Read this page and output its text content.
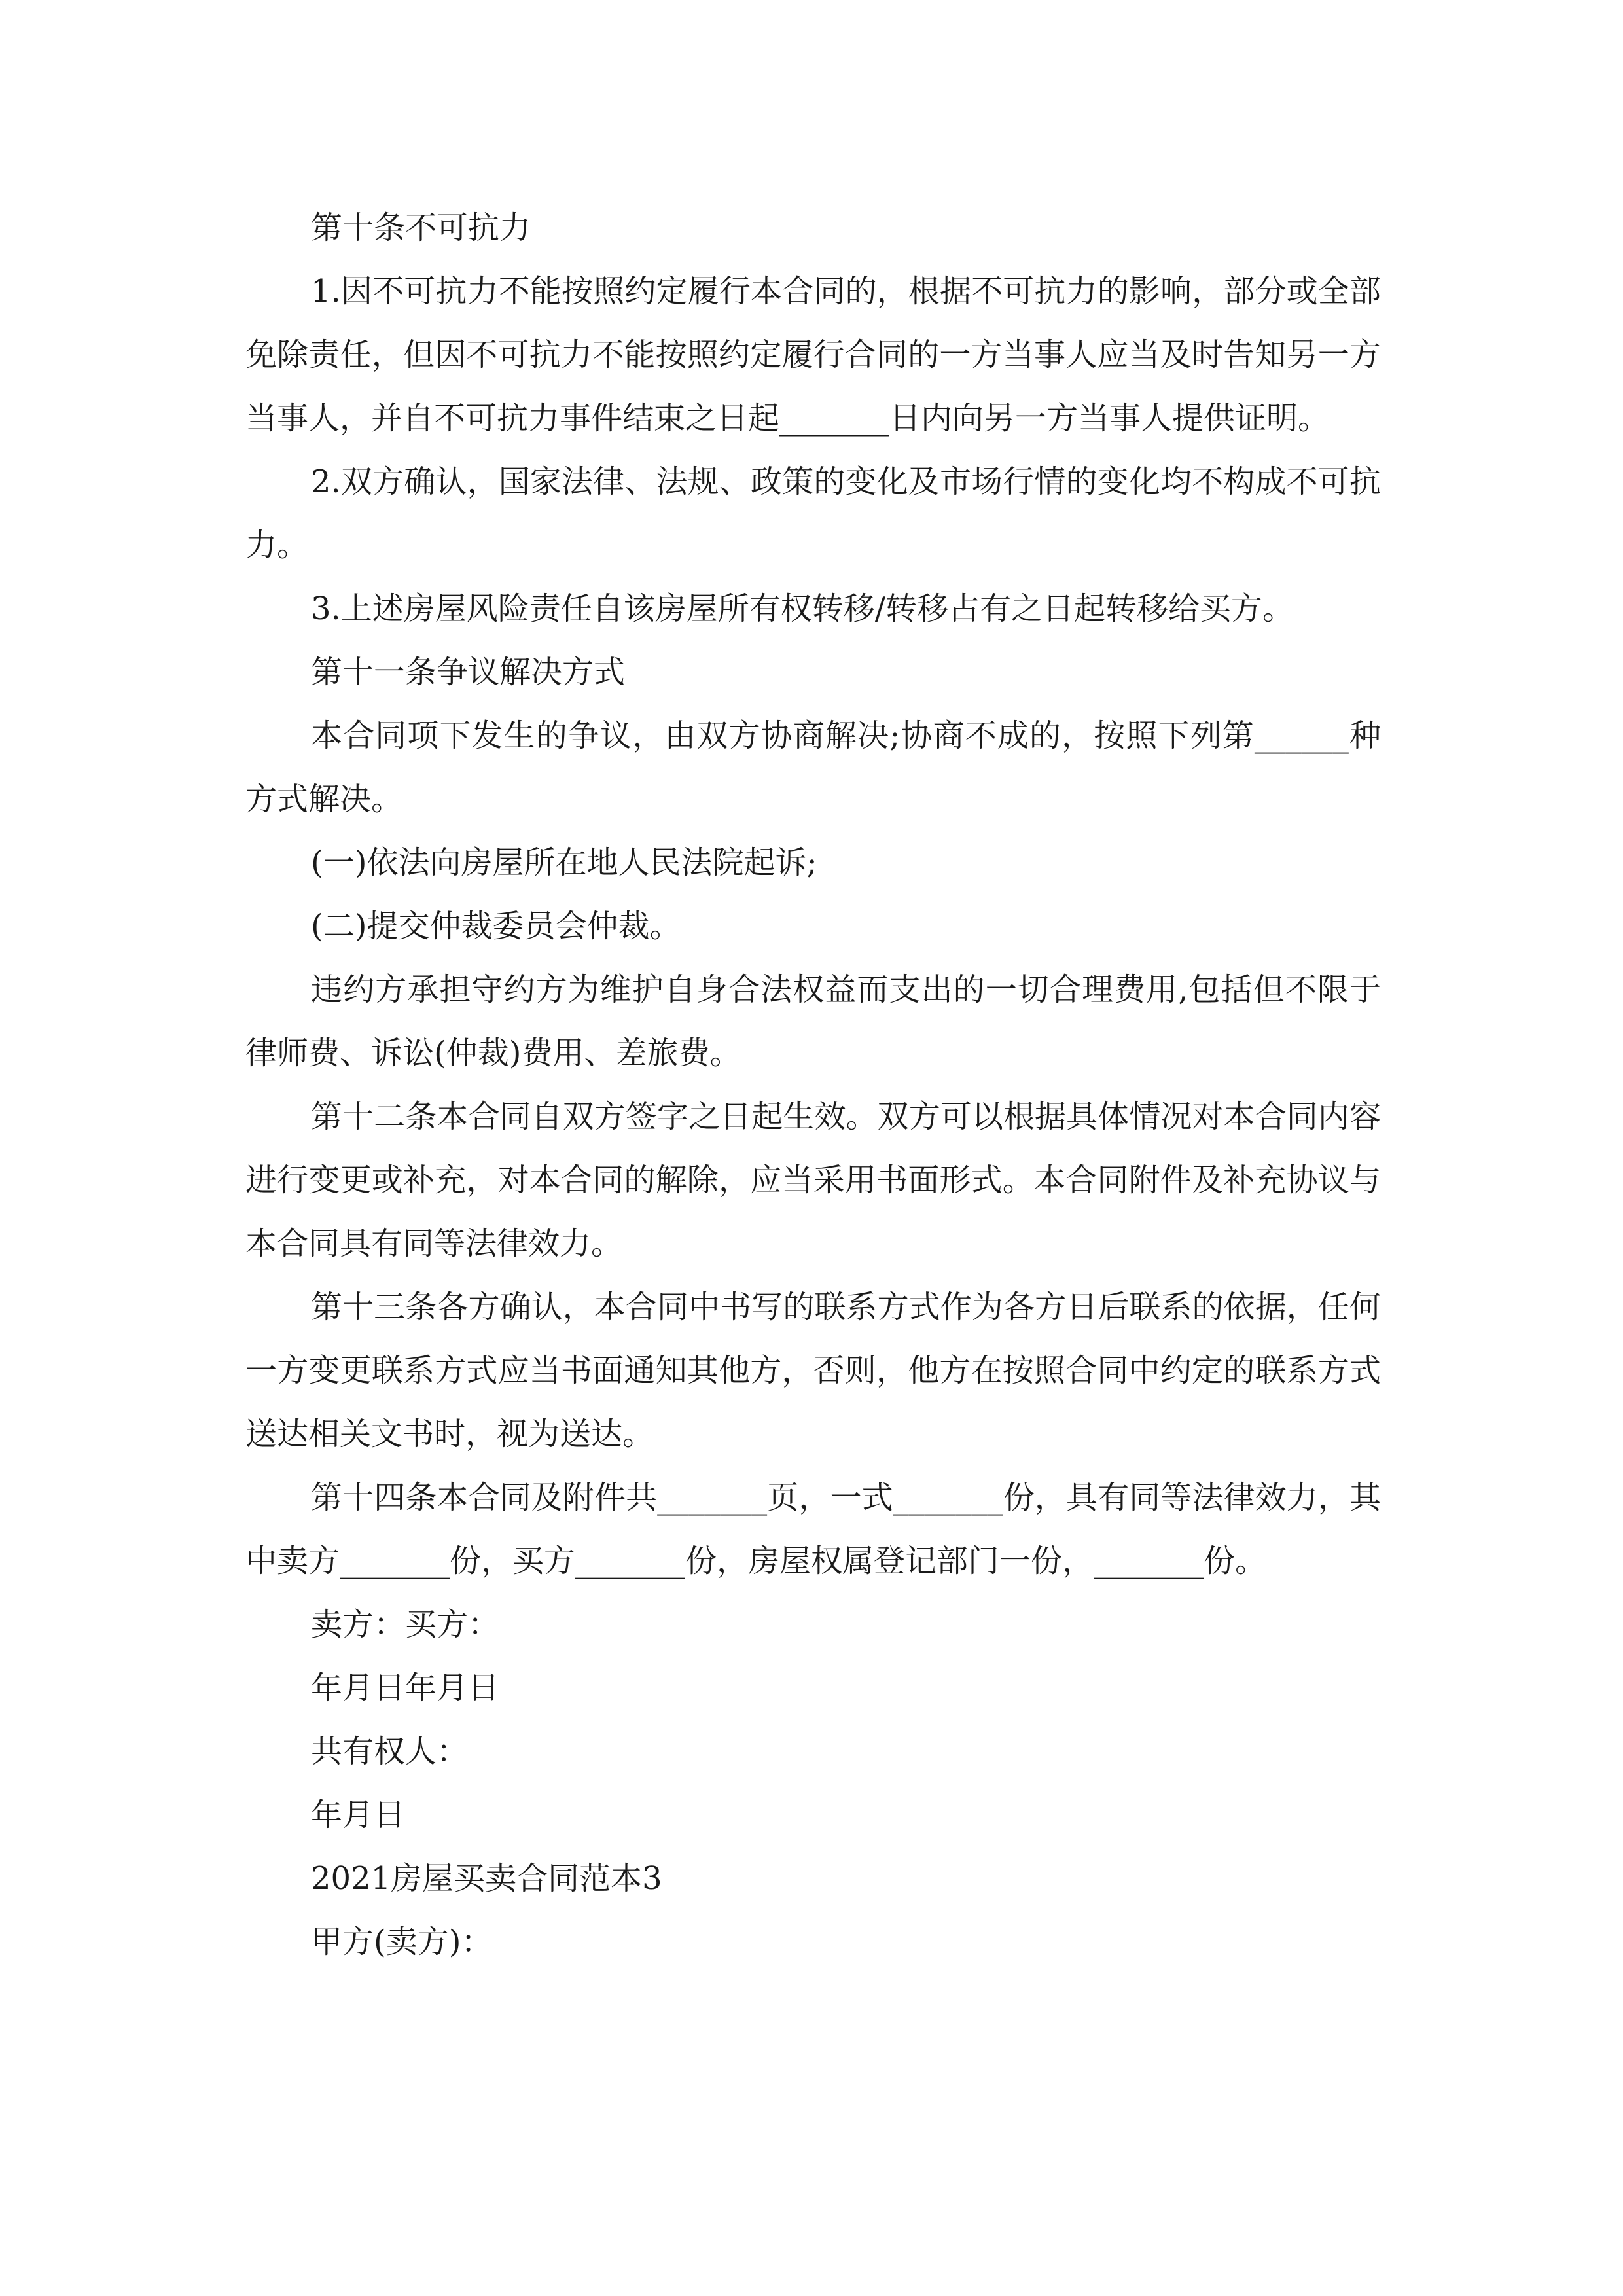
第十条不可抗力

1.因不可抗力不能按照约定履行本合同的，根据不可抗力的影响，部分或全部免除责任，但因不可抗力不能按照约定履行合同的一方当事人应当及时告知另一方当事人，并自不可抗力事件结束之日起_______日内向另一方当事人提供证明。

2.双方确认，国家法律、法规、政策的变化及市场行情的变化均不构成不可抗力。

3.上述房屋风险责任自该房屋所有权转移/转移占有之日起转移给买方。

第十一条争议解决方式

本合同项下发生的争议，由双方协商解决;协商不成的，按照下列第______种方式解决。

(一)依法向房屋所在地人民法院起诉;

(二)提交仲裁委员会仲裁。

违约方承担守约方为维护自身合法权益而支出的一切合理费用,包括但不限于律师费、诉讼(仲裁)费用、差旅费。

第十二条本合同自双方签字之日起生效。双方可以根据具体情况对本合同内容进行变更或补充，对本合同的解除，应当采用书面形式。本合同附件及补充协议与本合同具有同等法律效力。

第十三条各方确认，本合同中书写的联系方式作为各方日后联系的依据，任何一方变更联系方式应当书面通知其他方，否则，他方在按照合同中约定的联系方式送达相关文书时，视为送达。

第十四条本合同及附件共_______页，一式_______份，具有同等法律效力，其中卖方_______份，买方_______份，房屋权属登记部门一份，_______份。

卖方：买方：

年月日年月日

共有权人：

年月日

2021房屋买卖合同范本3

甲方(卖方)：
